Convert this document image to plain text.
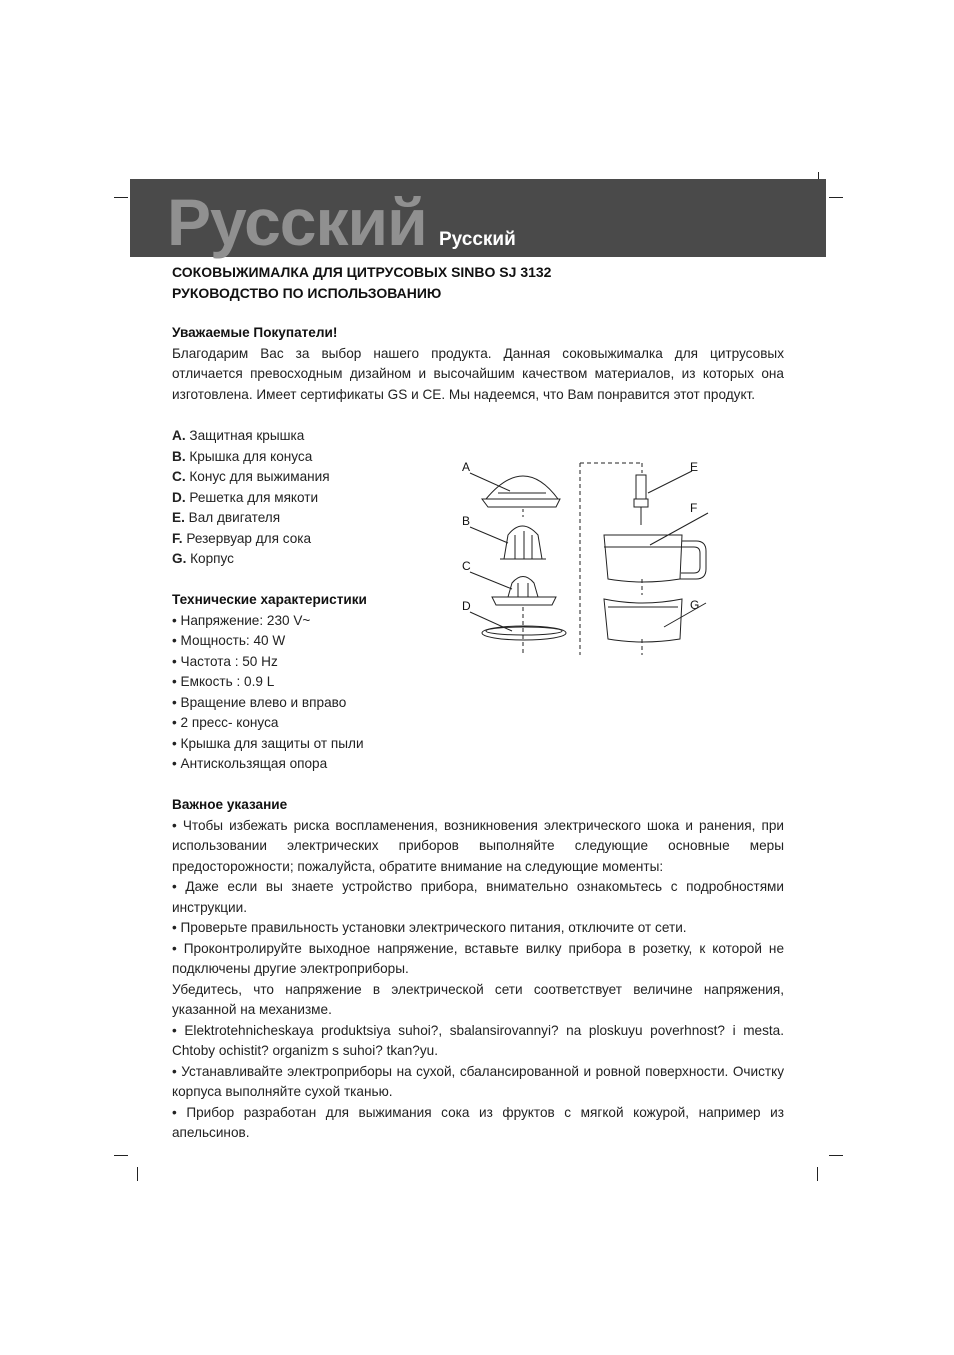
Русский Русский
СОКОВЫЖИМАЛКА ДЛЯ ЦИТРУСОВЫХ SINBO SJ 3132
РУКОВОДСТВО ПО ИСПОЛЬЗОВАНИЮ

Уважаемые Покупатели!

Благодарим Вас за выбор нашего продукта. Данная соковыжималка для цитрусовых отличается превосходным дизайном и высочайшим качеством материалов, из которых она изготовлена. Имеет сертификаты GS и CE. Мы надеемся, что Вам понравится этот продукт.

A. Защитная крышка
B. Крышка для конуса
C. Конус для выжимания
D. Решетка для мякоти
E. Вал двигателя
F. Резервуар для сока
G. Корпус
Технические характеристики
• Напряжение: 230 V~
• Мощность: 40 W
• Частота : 50 Hz
• Емкость : 0.9 L
• Вращение влево и вправо
• 2 пресс- конуса
• Крышка для защиты от пыли
• Антискользящая опора
A
B
C
D
E
F
G

Важное указание

• Чтобы избежать риска воспламенения, возникновения электрического шока и ранения, при использовании электрических приборов выполняйте следующие основные меры предосторожности; пожалуйста, обратите внимание на следующие моменты:

• Даже если вы знаете устройство прибора, внимательно ознакомьтесь с подробностями инструкции.

• Проверьте правильность установки электрического питания, отключите от сети.

• Проконтролируйте выходное напряжение, вставьте вилку прибора в розетку, к которой не подключены другие электроприборы.

Убедитесь, что напряжение в электрической сети соответствует величине напряжения, указанной на механизме.

• Elektrotehnicheskaya produktsiya suhoi?, sbalansirovannyi? na ploskuyu poverhnost? i mesta. Chtoby ochistit? organizm s suhoi? tkan?yu.

• Устанавливайте электроприборы на сухой, сбалансированной и ровной поверхности. Очистку корпуса выполняйте сухой тканью.

• Прибор разработан для выжимания сока из фруктов с мягкой кожурой, например из апельсинов.
